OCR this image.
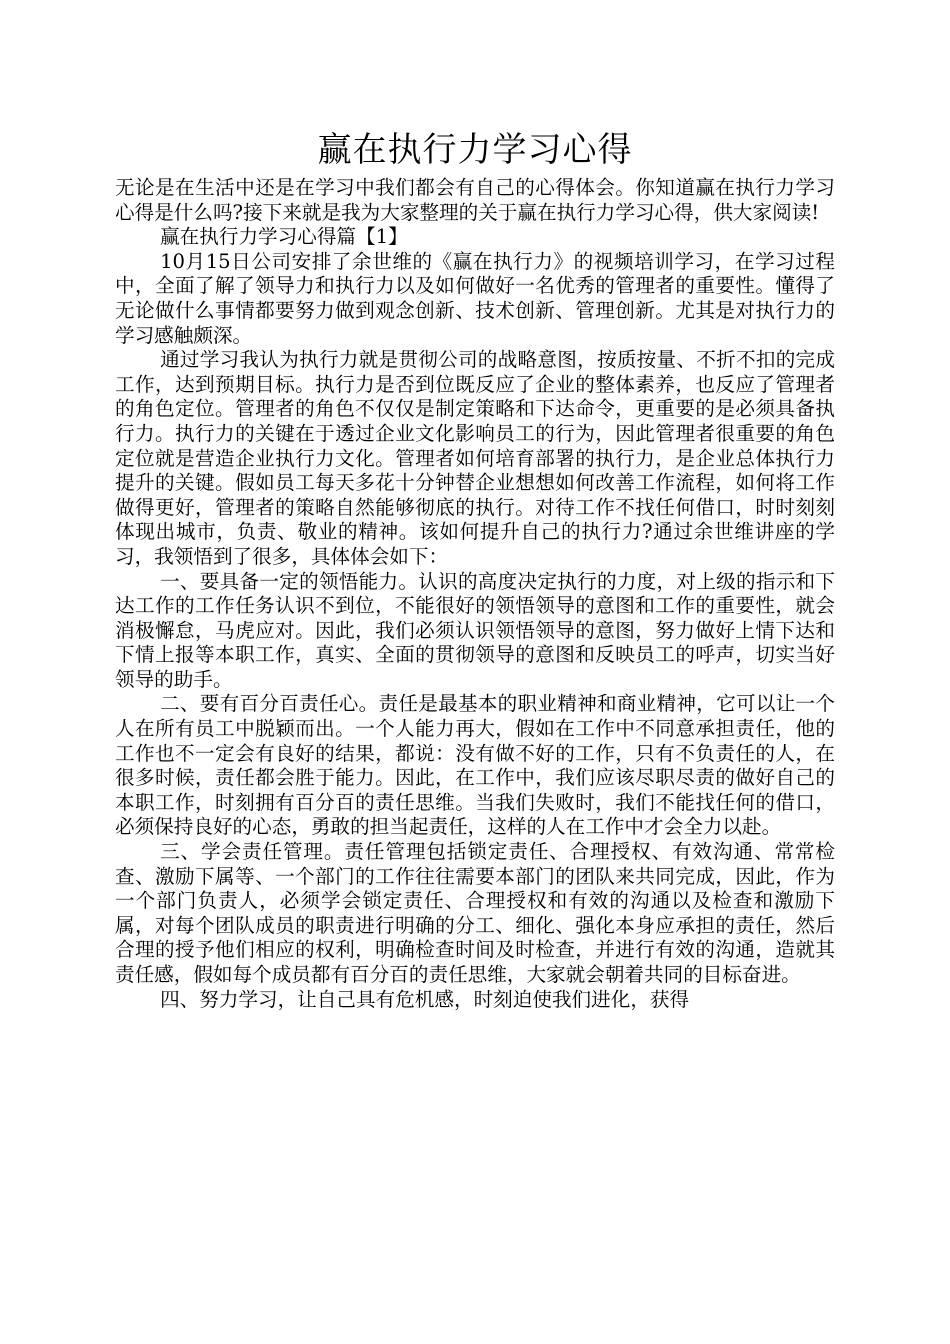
赢在执行力学习心得

无论是在生活中还是在学习中我们都会有自己的心得体会。你知道赢在执行力学习心得是什么吗?接下来就是我为大家整理的关于赢在执行力学习心得，供大家阅读!

赢在执行力学习心得篇【1】

10月15日公司安排了余世维的《赢在执行力》的视频培训学习，在学习过程中，全面了解了领导力和执行力以及如何做好一名优秀的管理者的重要性。懂得了无论做什么事情都要努力做到观念创新、技术创新、管理创新。尤其是对执行力的学习感触颇深。

通过学习我认为执行力就是贯彻公司的战略意图，按质按量、不折不扣的完成工作，达到预期目标。执行力是否到位既反应了企业的整体素养，也反应了管理者的角色定位。管理者的角色不仅仅是制定策略和下达命令，更重要的是必须具备执行力。执行力的关键在于透过企业文化影响员工的行为，因此管理者很重要的角色定位就是营造企业执行力文化。管理者如何培育部署的执行力，是企业总体执行力提升的关键。假如员工每天多花十分钟替企业想想如何改善工作流程，如何将工作做得更好，管理者的策略自然能够彻底的执行。对待工作不找任何借口，时时刻刻体现出城市，负责、敬业的精神。该如何提升自己的执行力?通过余世维讲座的学习，我领悟到了很多，具体体会如下：

一、要具备一定的领悟能力。认识的高度决定执行的力度，对上级的指示和下达工作的工作任务认识不到位，不能很好的领悟领导的意图和工作的重要性，就会消极懈怠，马虎应对。因此，我们必须认识领悟领导的意图，努力做好上情下达和下情上报等本职工作，真实、全面的贯彻领导的意图和反映员工的呼声，切实当好领导的助手。

二、要有百分百责任心。责任是最基本的职业精神和商业精神，它可以让一个人在所有员工中脱颖而出。一个人能力再大，假如在工作中不同意承担责任，他的工作也不一定会有良好的结果，都说：没有做不好的工作，只有不负责任的人，在很多时候，责任都会胜于能力。因此，在工作中，我们应该尽职尽责的做好自己的本职工作，时刻拥有百分百的责任思维。当我们失败时，我们不能找任何的借口，必须保持良好的心态，勇敢的担当起责任，这样的人在工作中才会全力以赴。

三、学会责任管理。责任管理包括锁定责任、合理授权、有效沟通、常常检查、激励下属等、一个部门的工作往往需要本部门的团队来共同完成，因此，作为一个部门负责人，必须学会锁定责任、合理授权和有效的沟通以及检查和激励下属，对每个团队成员的职责进行明确的分工、细化、强化本身应承担的责任，然后合理的授予他们相应的权利，明确检查时间及时检查，并进行有效的沟通，造就其责任感，假如每个成员都有百分百的责任思维，大家就会朝着共同的目标奋进。

四、努力学习，让自己具有危机感，时刻迫使我们进化，获得
